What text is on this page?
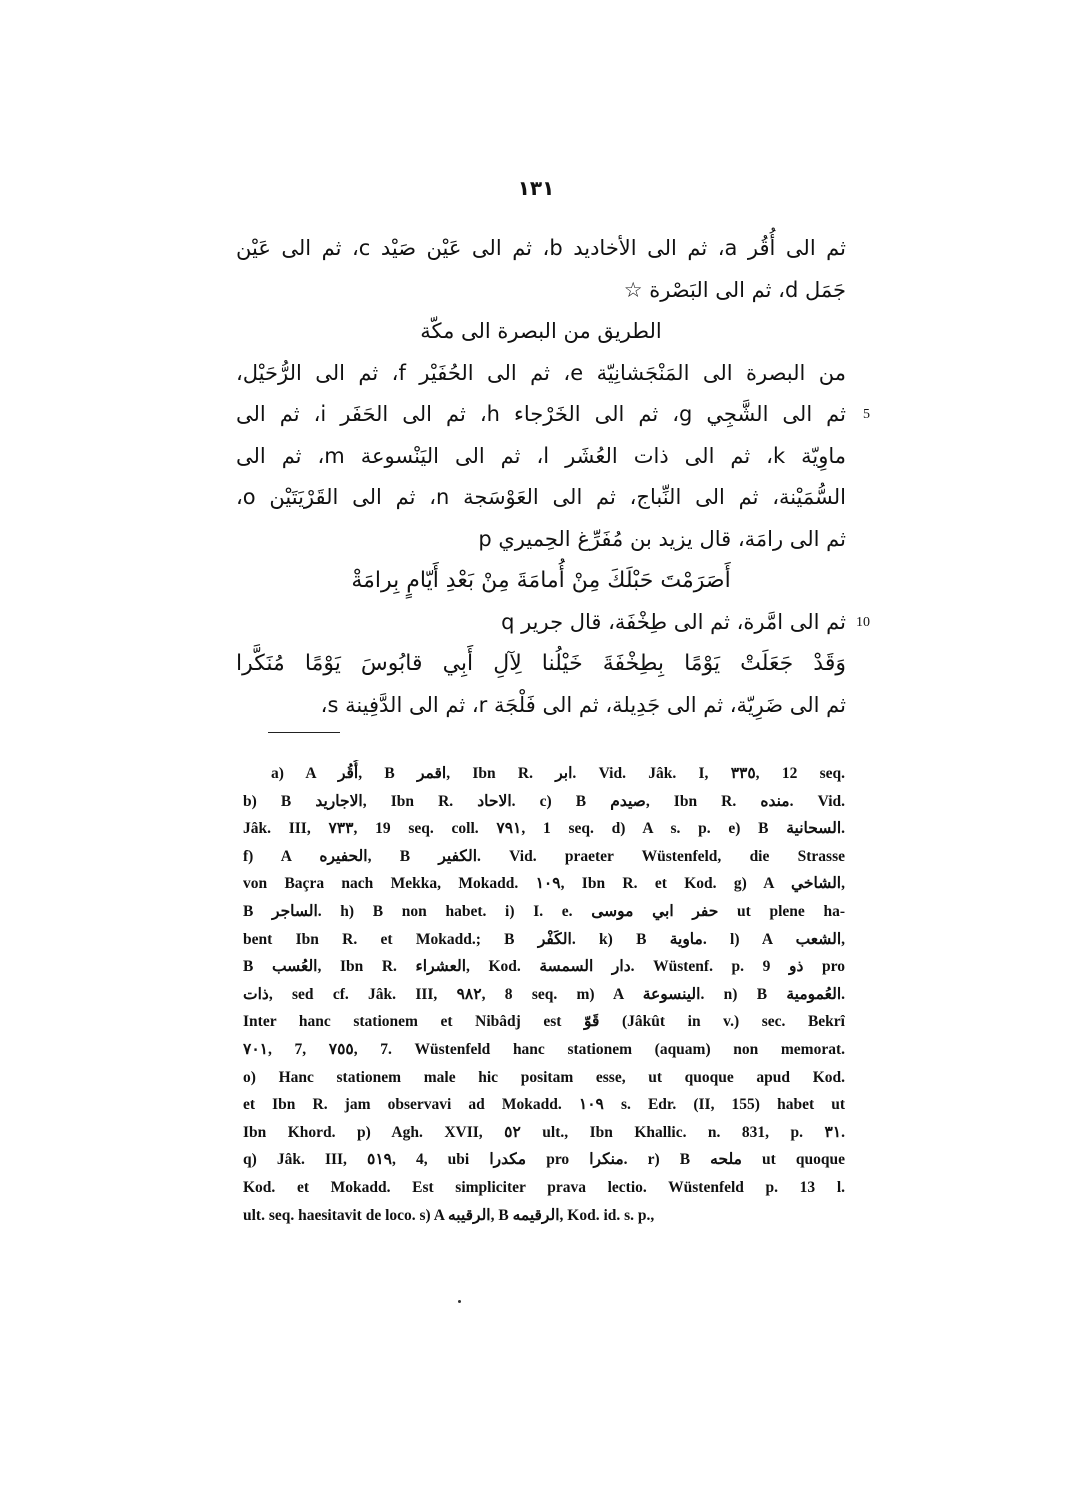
١٣١
ثم الى أُقُر a، ثم الى الأخاديد b، ثم الى عَيْن صَيْد c، ثم الى عَيْن
جَمَل d، ثم الى البَصْرة ☆
الطريق من البصرة الى مكّة
من البصرة الى المَنْجَشانِيّة e، ثم الى الحُفَيْر f، ثم الى الرُّحَيْل،
5
ثم الى الشَّجِي g، ثم الى الخَرْجاء h، ثم الى الحَفَر i، ثم الى
ماوِيّة k، ثم الى ذات العُشَر l، ثم الى اليَنْسوعة m، ثم الى
السُّمَيْنة، ثم الى النِّباج، ثم الى العَوْسَجة n، ثم الى القَرْيَتَيْن o،
ثم الى رامَة، قال يزيد بن مُفَرِّغ الحِميري p
أَصَرَمْتَ حَبْلَكَ مِنْ أُمامَةَ مِنْ بَعْدِ أَيّامٍ بِرامَةْ
10
ثم الى امَّرة، ثم الى طِخْفَة، قال جرير q
وَقَدْ جَعَلَتْ يَوْمًا بِطِخْفَةَ خَيْلُنا لِآلِ أَبِي قابُوسَ يَوْمًا مُنَكَّرا
ثم الى ضَرِيّة، ثم الى جَدِيلة، ثم الى فَلْجَة r، ثم الى الدَّفِينة s،
a) A أُقُر, B اقمر, Ibn R. ابر. Vid. Jâk. I, ٣٣٥, 12 seq.
b) B الاجاريد, Ibn R. الاحاد. c) B صيدم, Ibn R. منده. Vid.
Jâk. III, ٧٣٣, 19 seq. coll. ٧٩١, 1 seq. d) A s. p. e) B السحانية.
f) A الحفيره, B الكفير. Vid. praeter Wüstenfeld, die Strasse
von Baçra nach Mekka, Mokadd. ١٠٩, Ibn R. et Kod. g) A الشاخي,
B الساجر. h) B non habet. i) I. e. حفر ابي موسى ut plene ha-
bent Ibn R. et Mokadd.; B الكَفْر. k) B ماوية. l) A الشعب,
B العُسب, Ibn R. العشراء, Kod. دار السمسة. Wüstenf. p. 9 ذو pro
ذات, sed cf. Jâk. III, ٩٨٢, 8 seq. m) A الينسوعة. n) B العُمومية.
Inter hanc stationem et Nibâdj est قَوّ (Jâkût in v.) sec. Bekrî
٧٠١, 7, ٧٥٥, 7. Wüstenfeld hanc stationem (aquam) non memorat.
o) Hanc stationem male hic positam esse, ut quoque apud Kod.
et Ibn R. jam observavi ad Mokadd. ١٠٩ s. Edr. (II, 155) habet ut
Ibn Khord. p) Agh. XVII, ٥٢ ult., Ibn Khallic. n. 831, p. ٣١.
q) Jâk. III, ٥١٩, 4, ubi مكدرا pro منكرا. r) B ملحه ut quoque
Kod. et Mokadd. Est simpliciter prava lectio. Wüstenfeld p. 13 l.
ult. seq. haesitavit de loco. s) A الرقيبه, B الرقيمه, Kod. id. s. p.,
